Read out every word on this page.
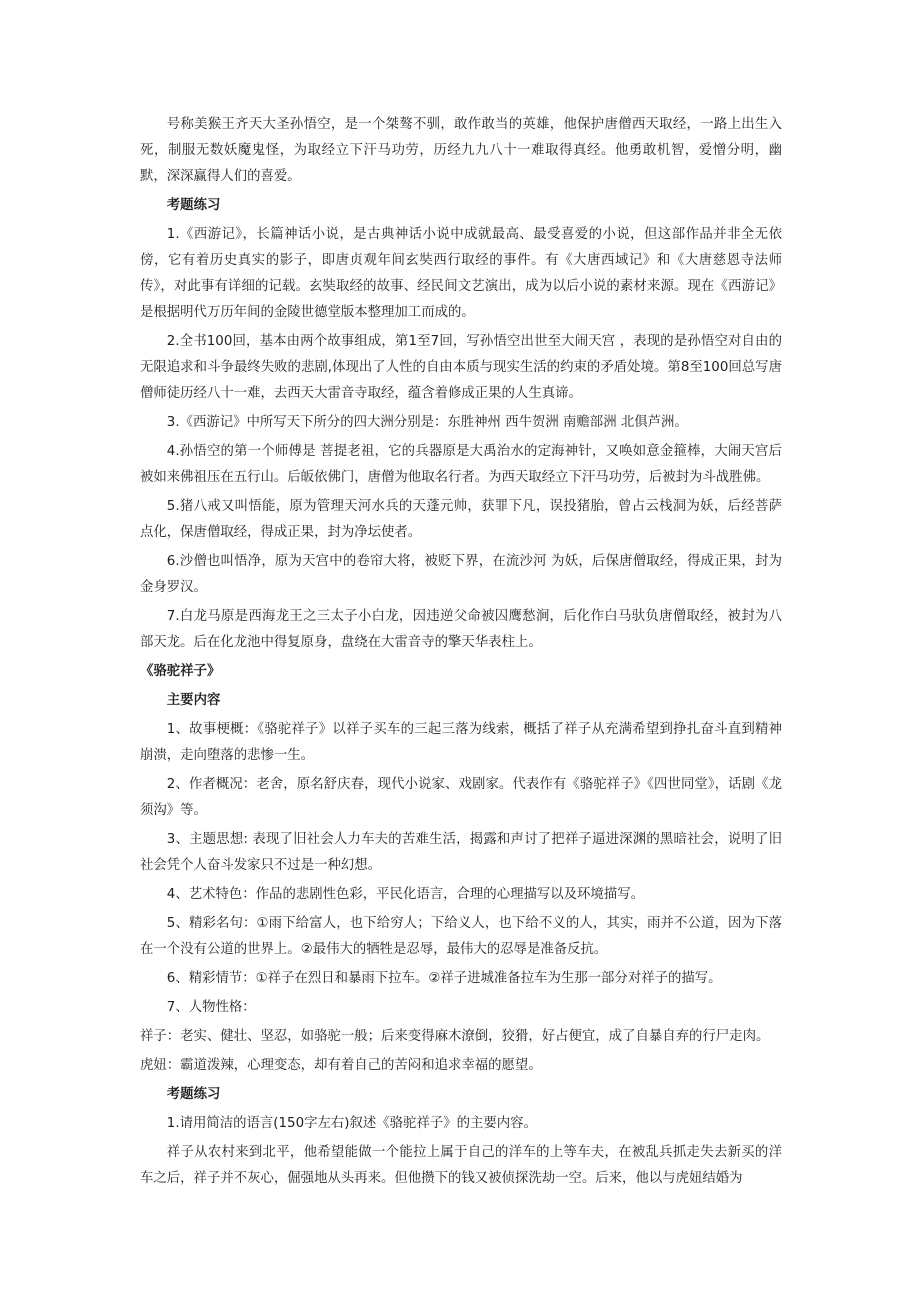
号称美猴王齐天大圣孙悟空，是一个桀骜不驯，敢作敢当的英雄，他保护唐僧西天取经，一路上出生入死，制服无数妖魔鬼怪，为取经立下汗马功劳，历经九九八十一难取得真经。他勇敢机智，爱憎分明，幽默，深深赢得人们的喜爱。

考题练习

1.《西游记》，长篇神话小说，是古典神话小说中成就最高、最受喜爱的小说，但这部作品并非全无依傍，它有着历史真实的影子，即唐贞观年间玄奘西行取经的事件。有《大唐西域记》和《大唐慈恩寺法师传》，对此事有详细的记载。玄奘取经的故事、经民间文艺演出，成为以后小说的素材来源。现在《西游记》是根据明代万历年间的金陵世德堂版本整理加工而成的。

2.全书100回，基本由两个故事组成，第1至7回，写孙悟空出世至大闹天宫 ，表现的是孙悟空对自由的无限追求和斗争最终失败的悲剧,体现出了人性的自由本质与现实生活的约束的矛盾处境。第8至100回总写唐僧师徒历经八十一难，去西天大雷音寺取经，蕴含着修成正果的人生真谛。

3.《西游记》中所写天下所分的四大洲分别是：东胜神州 西牛贺洲 南赡部洲 北俱芦洲。

4.孙悟空的第一个师傅是 菩提老祖，它的兵器原是大禹治水的定海神针，又唤如意金箍棒，大闹天宫后被如来佛祖压在五行山。后皈依佛门，唐僧为他取名行者。为西天取经立下汗马功劳，后被封为斗战胜佛。

5.猪八戒又叫悟能，原为管理天河水兵的天蓬元帅，获罪下凡，误投猪胎，曾占云栈洞为妖，后经菩萨点化，保唐僧取经，得成正果，封为净坛使者。

6.沙僧也叫悟净，原为天宫中的卷帘大将，被贬下界，在流沙河 为妖，后保唐僧取经，得成正果，封为金身罗汉。

7.白龙马原是西海龙王之三太子小白龙，因违逆父命被囚鹰愁涧，后化作白马驮负唐僧取经，被封为八部天龙。后在化龙池中得复原身，盘绕在大雷音寺的擎天华表柱上。

《骆驼祥子》

主要内容

1、故事梗概：《骆驼祥子》以祥子买车的三起三落为线索，概括了祥子从充满希望到挣扎奋斗直到精神崩溃，走向堕落的悲惨一生。

2、作者概况：老舍，原名舒庆春，现代小说家、戏剧家。代表作有《骆驼祥子》《四世同堂》，话剧《龙须沟》等。

3、主题思想: 表现了旧社会人力车夫的苦难生活，揭露和声讨了把祥子逼进深渊的黑暗社会，说明了旧社会凭个人奋斗发家只不过是一种幻想。

4、艺术特色：作品的悲剧性色彩，平民化语言，合理的心理描写以及环境描写。

5、精彩名句：①雨下给富人，也下给穷人；下给义人，也下给不义的人，其实，雨并不公道，因为下落在一个没有公道的世界上。②最伟大的牺牲是忍辱，最伟大的忍辱是准备反抗。

6、精彩情节：①祥子在烈日和暴雨下拉车。②祥子进城准备拉车为生那一部分对祥子的描写。

7、人物性格：

祥子：老实、健壮、坚忍，如骆驼一般；后来变得麻木潦倒，狡猾，好占便宜，成了自暴自弃的行尸走肉。

虎妞：霸道泼辣，心理变态，却有着自己的苦闷和追求幸福的愿望。

考题练习

1.请用简洁的语言(150字左右)叙述《骆驼祥子》的主要内容。

祥子从农村来到北平，他希望能做一个能拉上属于自己的洋车的上等车夫，在被乱兵抓走失去新买的洋车之后，祥子并不灰心，倔强地从头再来。但他攒下的钱又被侦探洗劫一空。后来，他以与虎妞结婚为
